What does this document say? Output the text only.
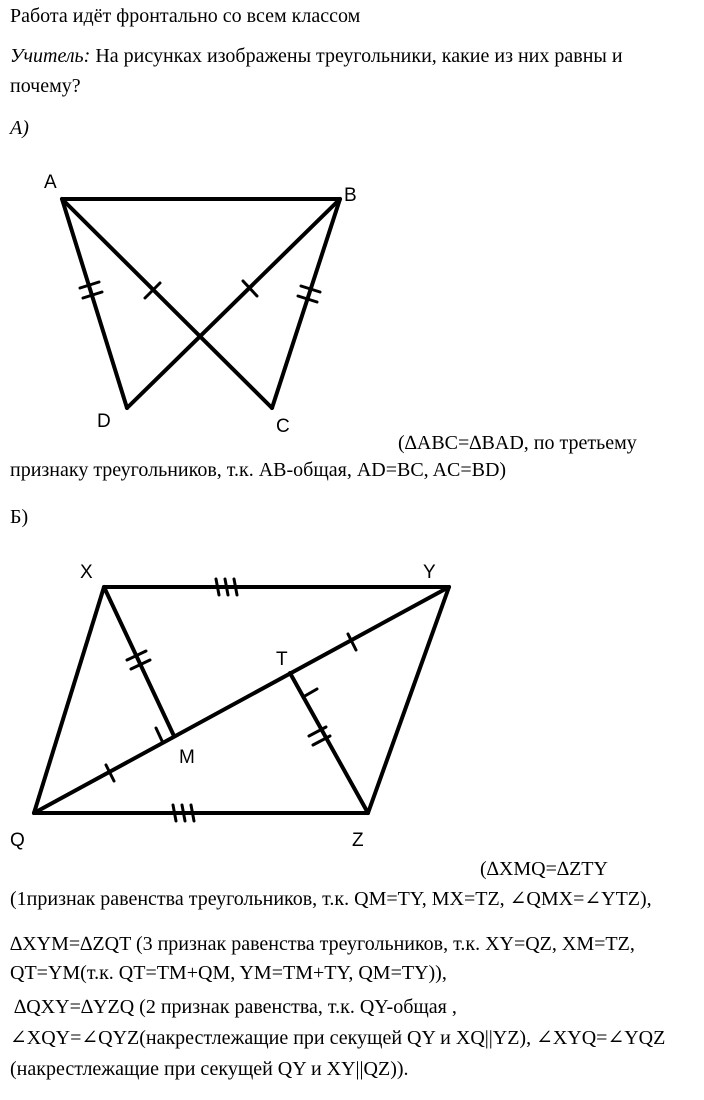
Работа идёт фронтально со всем классом
Учитель: На рисунках изображены треугольники, какие из них равны и
почему?
А)
A
B
D	C
X	Y
T
M
Q	Z
(∆ABC=∆BAD, по третьему
признаку треугольников, т.к. AB-общая, AD=BC, AC=BD)
Б)
(∆XMQ=∆ZTY
(1признак равенства треугольников, т.к. QM=TY, MX=TZ, ∠QMX=∠YTZ),
∆XYM=∆ZQT (3 признак равенства треугольников, т.к. XY=QZ, XM=TZ,
QT=YM(т.к. QT=TM+QM, YM=TM+TY, QM=TY)),
∆QXY=∆YZQ (2 признак равенства, т.к. QY-общая ,
∠XQY=∠QYZ(накрестлежащие при секущей QY и XQ||YZ), ∠XYQ=∠YQZ
(накрестлежащие при секущей QY и XY||QZ)).
